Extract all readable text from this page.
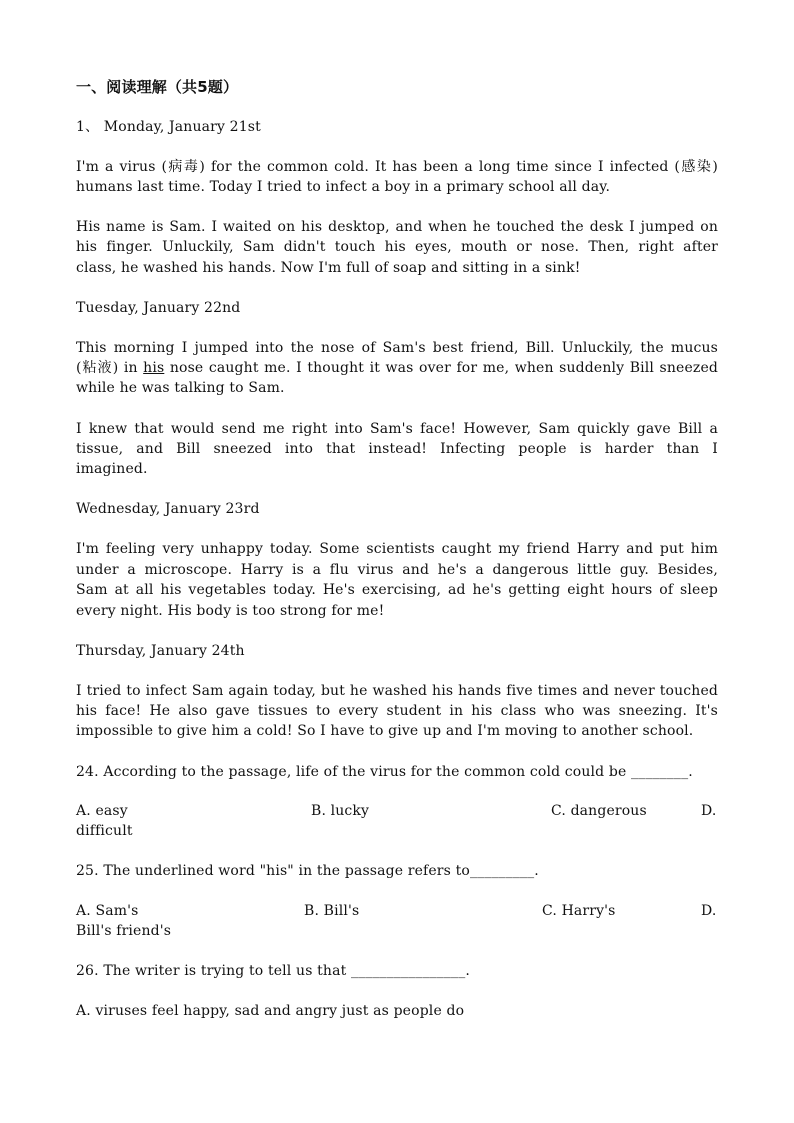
一、阅读理解（共5题）
1、 Monday, January 21st
I'm a virus (病毒) for the common cold. It has been a long time since I infected (感染)
humans last time. Today I tried to infect a boy in a primary school all day.
His name is Sam. I waited on his desktop, and when he touched the desk I jumped on
his finger. Unluckily, Sam didn't touch his eyes, mouth or nose. Then, right after
class, he washed his hands. Now I'm full of soap and sitting in a sink!
Tuesday, January 22nd
This morning I jumped into the nose of Sam's best friend, Bill. Unluckily, the mucus
(粘液) in his nose caught me. I thought it was over for me, when suddenly Bill sneezed
while he was talking to Sam.
I knew that would send me right into Sam's face! However, Sam quickly gave Bill a
tissue, and Bill sneezed into that instead! Infecting people is harder than I
imagined.
Wednesday, January 23rd
I'm feeling very unhappy today. Some scientists caught my friend Harry and put him
under a microscope. Harry is a flu virus and he's a dangerous little guy. Besides,
Sam at all his vegetables today. He's exercising, ad he's getting eight hours of sleep
every night. His body is too strong for me!
Thursday, January 24th
I tried to infect Sam again today, but he washed his hands five times and never touched
his face! He also gave tissues to every student in his class who was sneezing. It's
impossible to give him a cold! So I have to give up and I'm moving to another school.
24. According to the passage, life of the virus for the common cold could be ________.
A. easy	B. lucky	C. dangerous	D.
difficult
25. The underlined word "his" in the passage refers to_________.
A. Sam's	B. Bill's	C. Harry's	D.
Bill's friend's
26. The writer is trying to tell us that ________________.
A. viruses feel happy, sad and angry just as people do
